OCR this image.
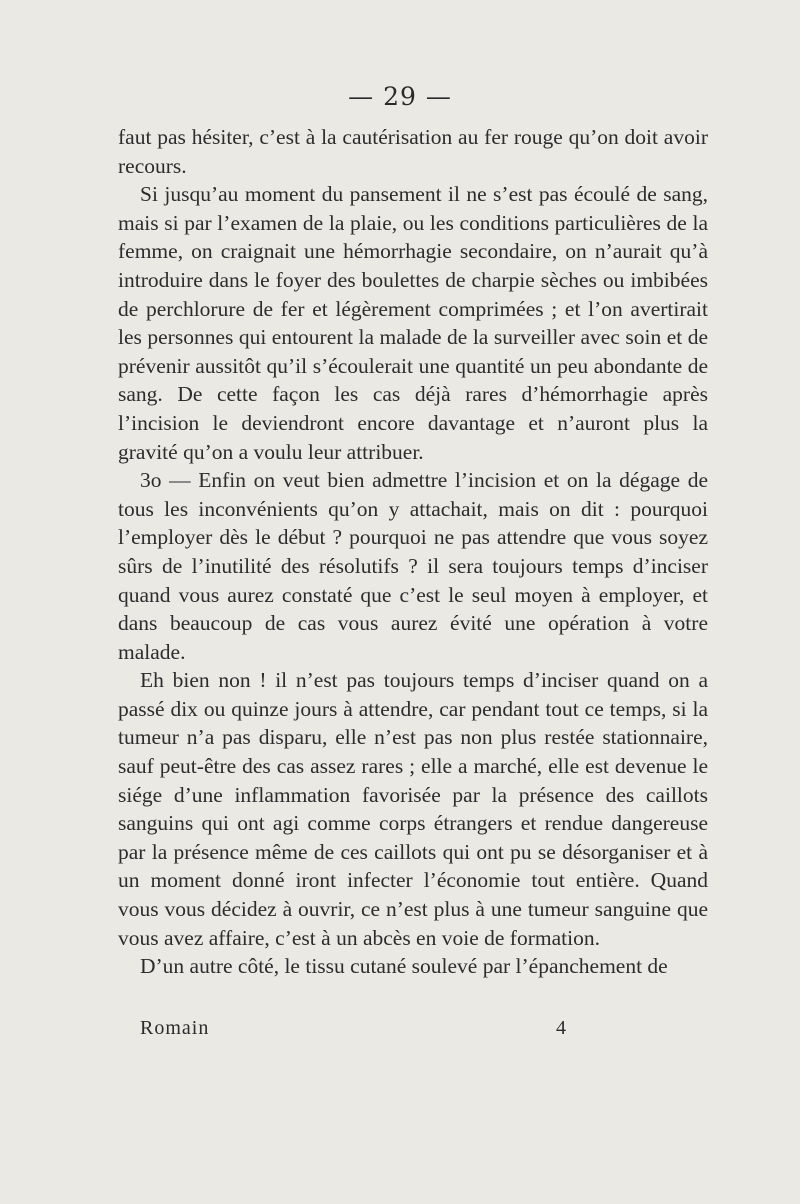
— 29 —

faut pas hésiter, c’est à la cautérisation au fer rouge qu’on doit avoir recours.

Si jusqu’au moment du pansement il ne s’est pas écoulé de sang, mais si par l’examen de la plaie, ou les conditions particulières de la femme, on craignait une hémorrhagie secondaire, on n’aurait qu’à introduire dans le foyer des boulettes de charpie sèches ou imbibées de perchlorure de fer et légèrement comprimées ; et l’on avertirait les personnes qui entourent la malade de la surveiller avec soin et de prévenir aussitôt qu’il s’écoulerait une quantité un peu abondante de sang. De cette façon les cas déjà rares d’hémorrhagie après l’incision le deviendront encore davantage et n’auront plus la gravité qu’on a voulu leur attribuer.

3o — Enfin on veut bien admettre l’incision et on la dégage de tous les inconvénients qu’on y attachait, mais on dit : pourquoi l’employer dès le début ? pourquoi ne pas attendre que vous soyez sûrs de l’inutilité des résolutifs ? il sera toujours temps d’inciser quand vous aurez constaté que c’est le seul moyen à employer, et dans beaucoup de cas vous aurez évité une opération à votre malade.

Eh bien non ! il n’est pas toujours temps d’inciser quand on a passé dix ou quinze jours à attendre, car pendant tout ce temps, si la tumeur n’a pas disparu, elle n’est pas non plus restée stationnaire, sauf peut-être des cas assez rares ; elle a marché, elle est devenue le siége d’une inflammation favorisée par la présence des caillots sanguins qui ont agi comme corps étrangers et rendue dangereuse par la présence même de ces caillots qui ont pu se désorganiser et à un moment donné iront infecter l’économie tout entière. Quand vous vous décidez à ouvrir, ce n’est plus à une tumeur sanguine que vous avez affaire, c’est à un abcès en voie de formation.

D’un autre côté, le tissu cutané soulevé par l’épanchement de

Romain	4
